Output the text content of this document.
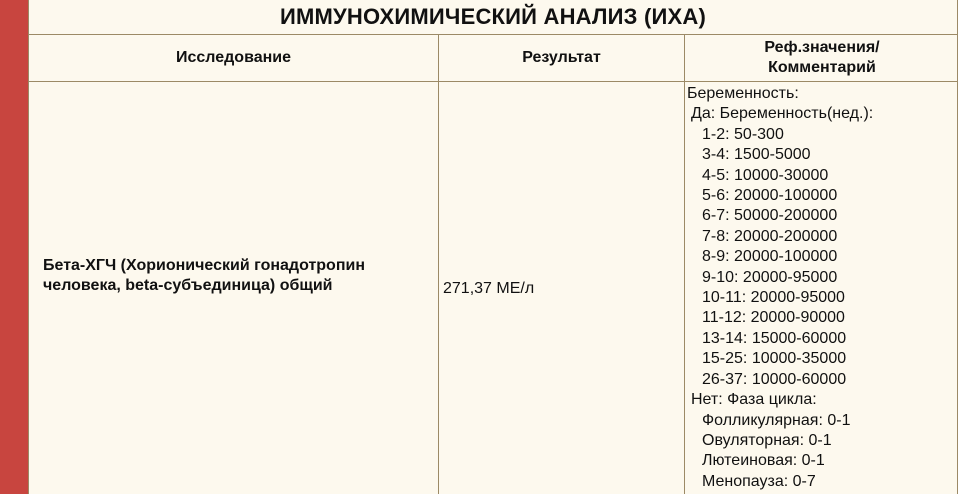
ИММУНОХИМИЧЕСКИЙ АНАЛИЗ (ИХА)
Исследование	Результат
Реф.значения/
Комментарий
Бета-ХГЧ (Хорионический гонадотропин
человека, beta-субъединица) общий	271,37 МЕ/л
Беременность:
Да: Беременность(нед.):
1-2: 50-300
3-4: 1500-5000
4-5: 10000-30000
5-6: 20000-100000
6-7: 50000-200000
7-8: 20000-200000
8-9: 20000-100000
9-10: 20000-95000
10-11: 20000-95000
11-12: 20000-90000
13-14: 15000-60000
15-25: 10000-35000
26-37: 10000-60000
Нет: Фаза цикла:
Фолликулярная: 0-1
Овуляторная: 0-1
Лютеиновая: 0-1
Менопауза: 0-7
